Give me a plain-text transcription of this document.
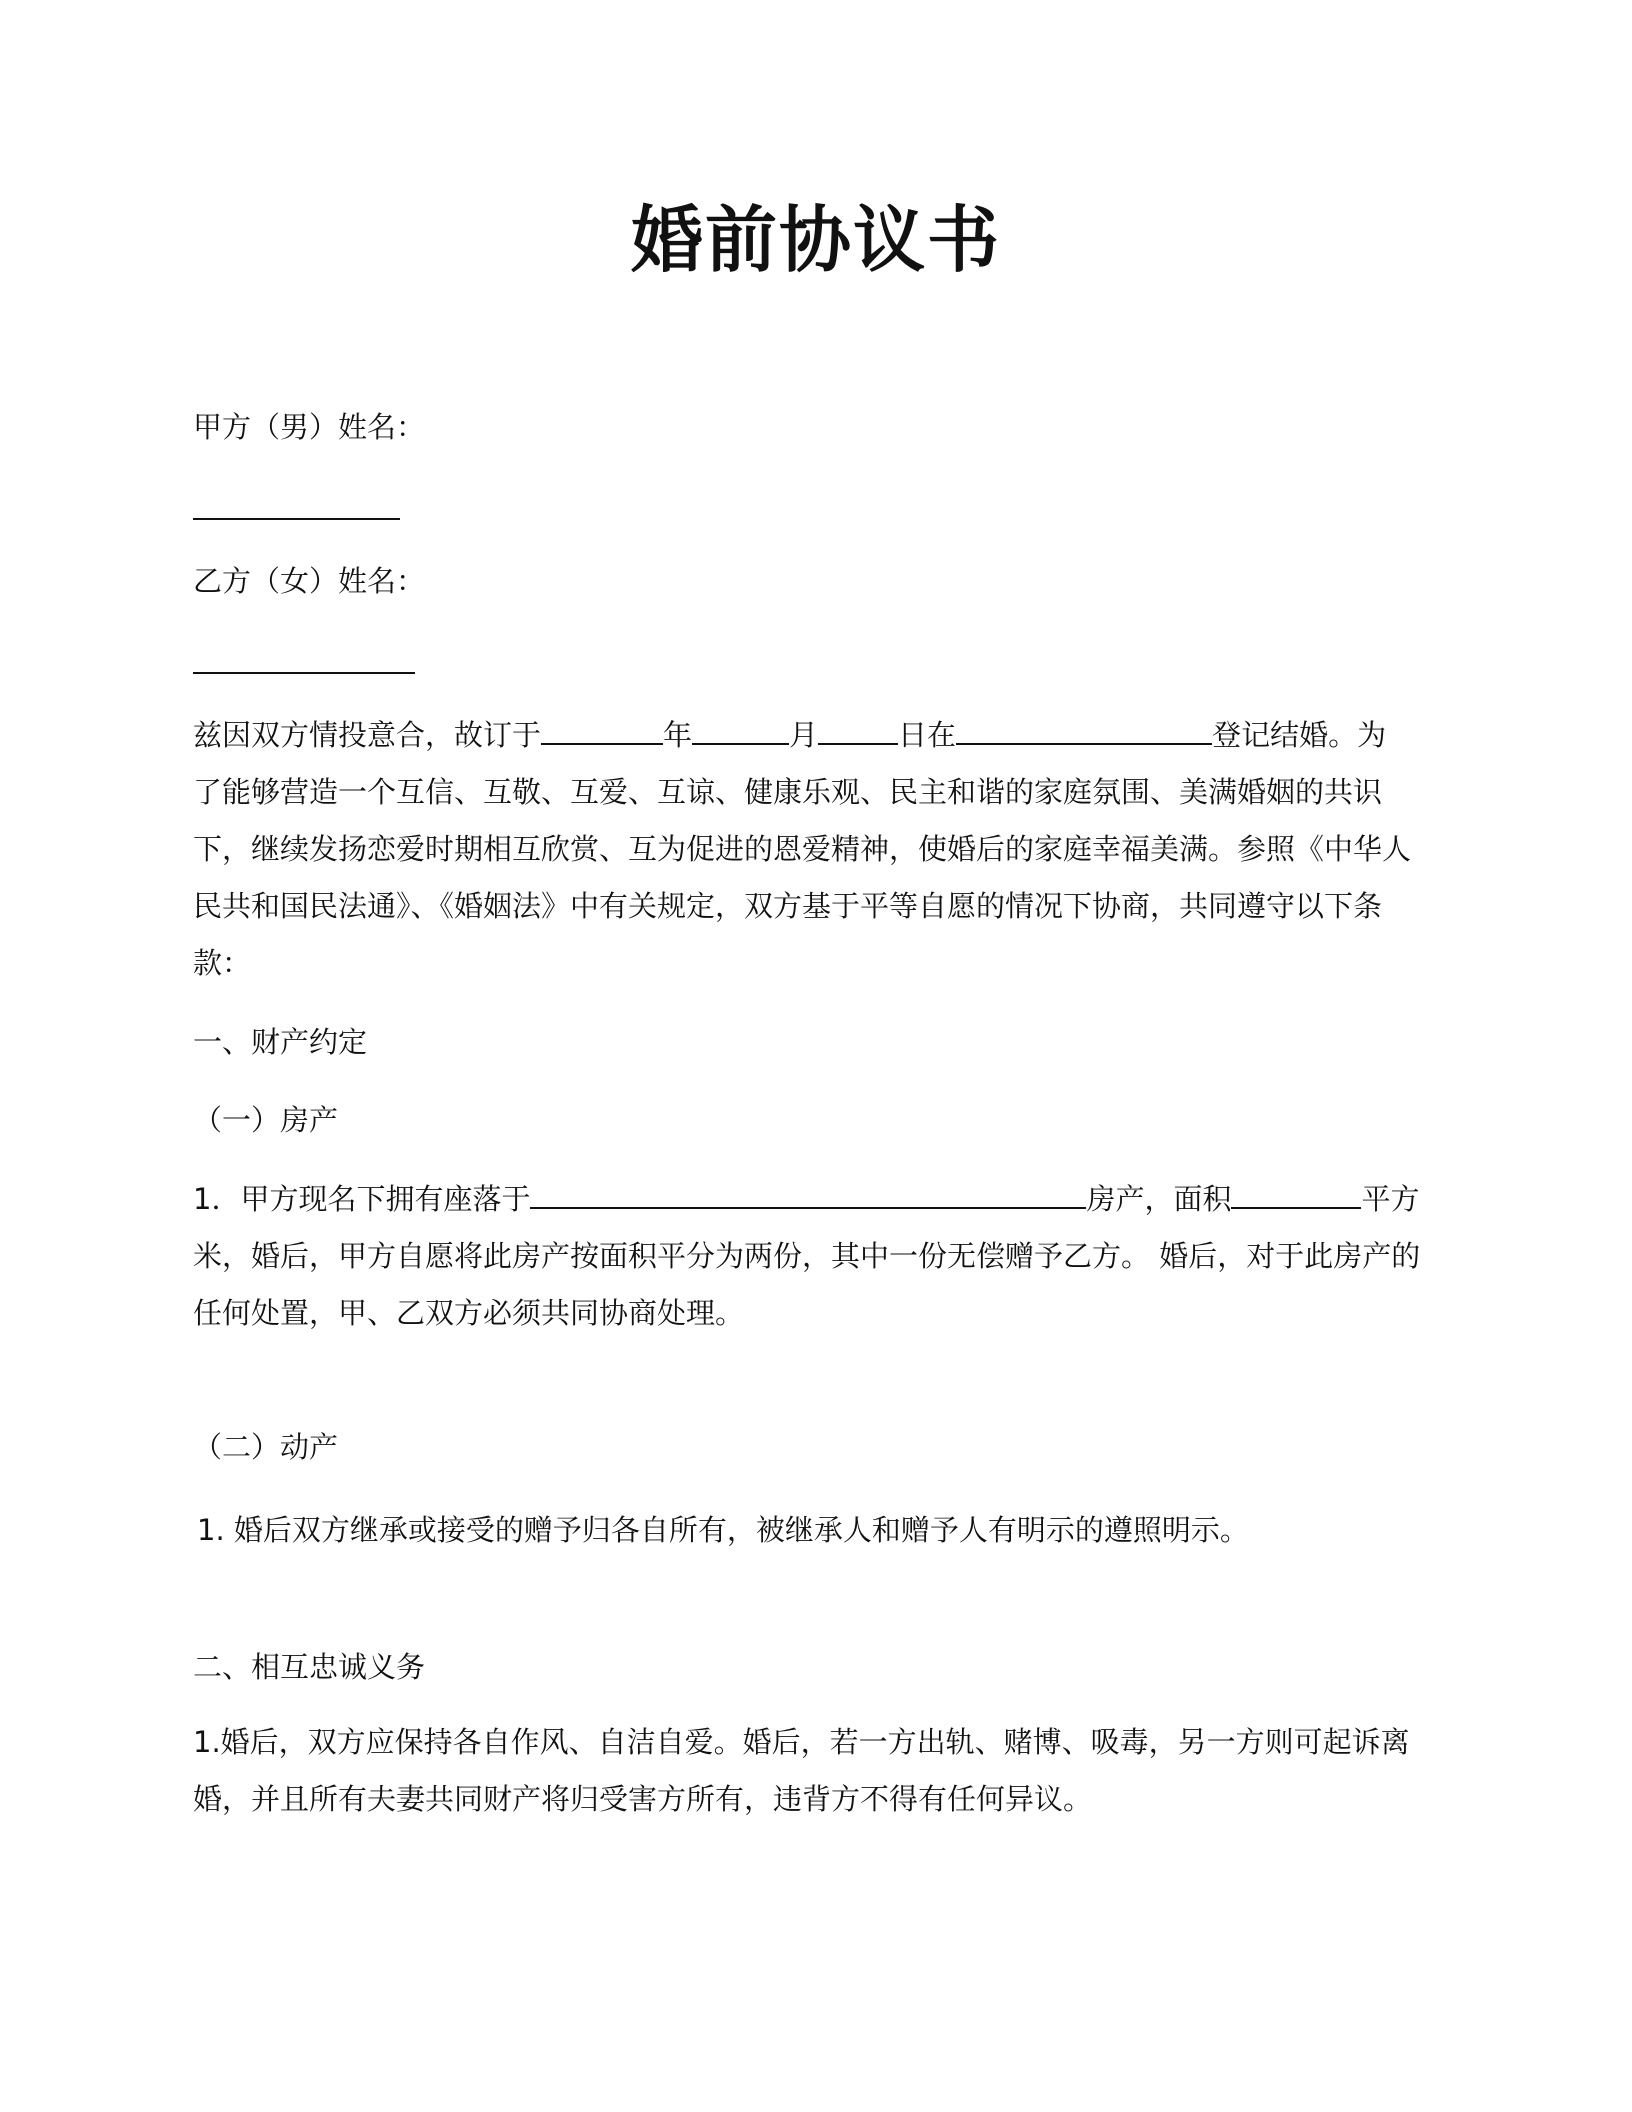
婚前协议书
甲方（男）姓名：
乙方（女）姓名：

兹因双方情投意合，故订于	年	月	日在	登记结婚。为

了能够营造一个互信、互敬、互爱、互谅、健康乐观、民主和谐的家庭氛围、美满婚姻的共识

下，继续发扬恋爱时期相互欣赏、互为促进的恩爱精神，使婚后的家庭幸福美满。参照《中华人

民共和国民法通》、《婚姻法》中有关规定，双方基于平等自愿的情况下协商，共同遵守以下条

款：

一、财产约定
（一）房产

1．甲方现名下拥有座落于	房产，面积	平方

米，婚后，甲方自愿将此房产按面积平分为两份，其中一份无偿赠予乙方。 婚后，对于此房产的

任何处置，甲、乙双方必须共同协商处理。

（二）动产
1. 婚后双方继承或接受的赠予归各自所有，被继承人和赠予人有明示的遵照明示。
二、相互忠诚义务

1.婚后，双方应保持各自作风、自洁自爱。婚后，若一方出轨、赌博、吸毒，另一方则可起诉离

婚，并且所有夫妻共同财产将归受害方所有，违背方不得有任何异议。
